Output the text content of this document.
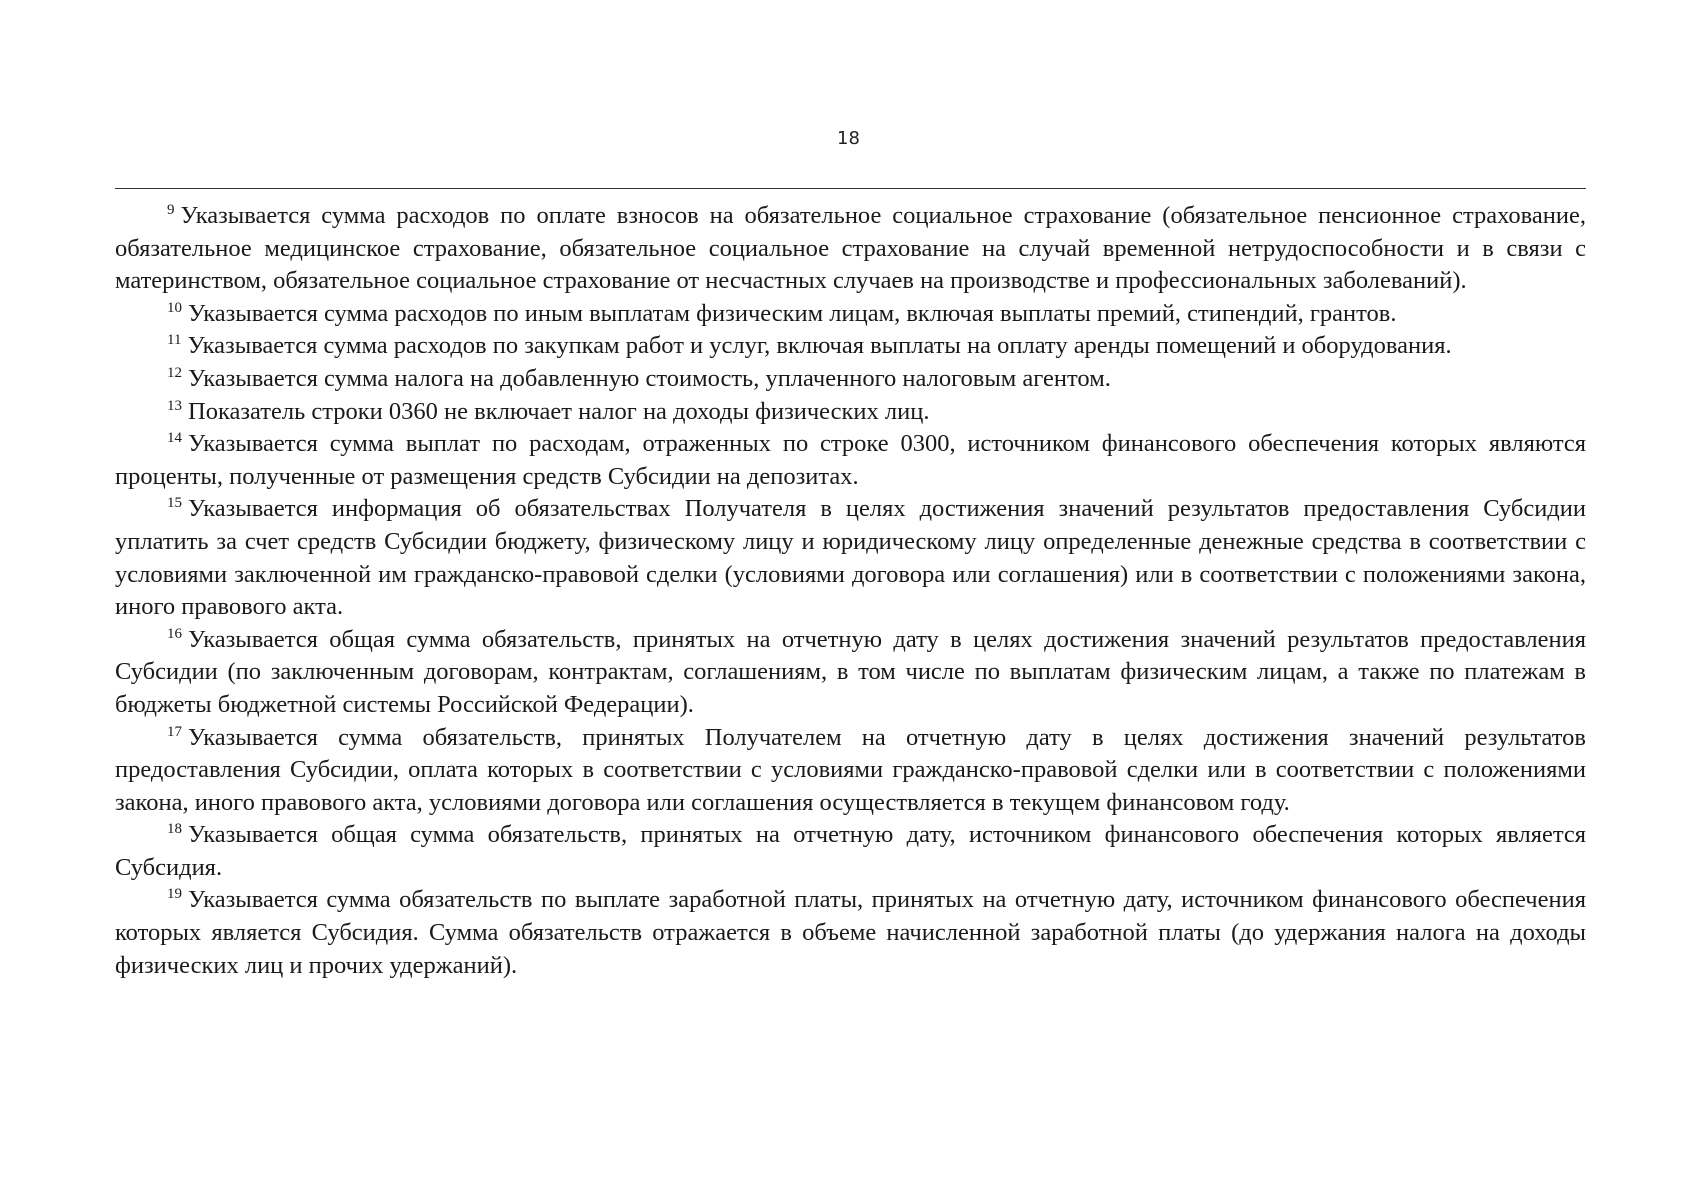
18

$^9$ Указывается сумма расходов по оплате взносов на обязательное социальное страхование (обязательное пенсионное страхование, обязательное медицинское страхование, обязательное социальное страхование на случай временной нетрудоспособности и в связи с материнством, обязательное социальное страхование от несчастных случаев на производстве и профессиональных заболеваний).

$^{10}$ Указывается сумма расходов по иным выплатам физическим лицам, включая выплаты премий, стипендий, грантов.

$^{11}$ Указывается сумма расходов по закупкам работ и услуг, включая выплаты на оплату аренды помещений и оборудования.

$^{12}$ Указывается сумма налога на добавленную стоимость, уплаченного налоговым агентом.

$^{13}$ Показатель строки 0360 не включает налог на доходы физических лиц.

$^{14}$ Указывается сумма выплат по расходам, отраженных по строке 0300, источником финансового обеспечения которых являются проценты, полученные от размещения средств Субсидии на депозитах.

$^{15}$ Указывается информация об обязательствах Получателя в целях достижения значений результатов предоставления Субсидии уплатить за счет средств Субсидии бюджету, физическому лицу и юридическому лицу определенные денежные средства в соответствии с условиями заключенной им гражданско-правовой сделки (условиями договора или соглашения) или в соответствии с положениями закона, иного правового акта.

$^{16}$ Указывается общая сумма обязательств, принятых на отчетную дату в целях достижения значений результатов предоставления Субсидии (по заключенным договорам, контрактам, соглашениям, в том числе по выплатам физическим лицам, а также по платежам в бюджеты бюджетной системы Российской Федерации).

$^{17}$ Указывается сумма обязательств, принятых Получателем на отчетную дату в целях достижения значений результатов предоставления Субсидии, оплата которых в соответствии с условиями гражданско-правовой сделки или в соответствии с положениями закона, иного правового акта, условиями договора или соглашения осуществляется в текущем финансовом году.

$^{18}$ Указывается общая сумма обязательств, принятых на отчетную дату, источником финансового обеспечения которых является Субсидия.

$^{19}$ Указывается сумма обязательств по выплате заработной платы, принятых на отчетную дату, источником финансового обеспечения которых является Субсидия. Сумма обязательств отражается в объеме начисленной заработной платы (до удержания налога на доходы физических лиц и прочих удержаний).
